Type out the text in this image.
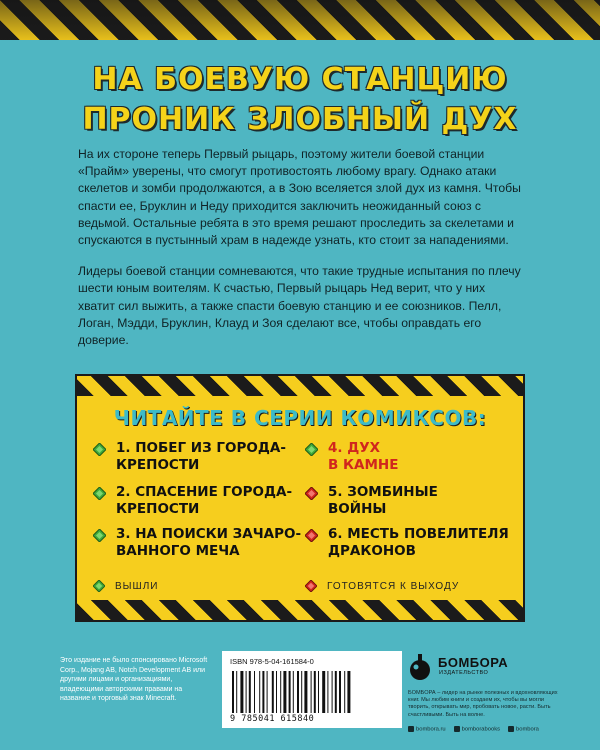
НА БОЕВУЮ СТАНЦИЮ
ПРОНИК ЗЛОБНЫЙ ДУХ

На их стороне теперь Первый рыцарь, поэтому жители боевой станции «Прайм» уверены, что смогут противостоять любому врагу. Однако атаки скелетов и зомби продолжаются, а в Зою вселяется злой дух из камня. Чтобы спасти ее, Бруклин и Неду приходится заключить неожиданный союз с ведьмой. Остальные ребята в это время решают проследить за скелетами и спускаются в пустынный храм в надежде узнать, кто стоит за нападениями.

Лидеры боевой станции сомневаются, что такие трудные испытания по плечу шести юным воителям. К счастью, Первый рыцарь Нед верит, что у них хватит сил выжить, а также спасти боевую станцию и ее союзников. Пелл, Логан, Мэдди, Бруклин, Клауд и Зоя сделают все, чтобы оправдать его доверие.

ЧИТАЙТЕ В СЕРИИ КОМИКСОВ:
1. ПОБЕГ ИЗ ГОРОДА-
КРЕПОСТИ
2. СПАСЕНИЕ ГОРОДА-
КРЕПОСТИ
3. НА ПОИСКИ ЗАЧАРО-
ВАННОГО МЕЧА
4. ДУХ
В КАМНЕ
5. ЗОМБИНЫЕ
ВОЙНЫ
6. МЕСТЬ ПОВЕЛИТЕЛЯ
ДРАКОНОВ
ВЫШЛИ	ГОТОВЯТСЯ К ВЫХОДУ
Это издание не было спонсировано Microsoft Corp., Mojang AB, Notch Development AB или другими лицами и организациями, владеющими авторскими правами на название и торговый знак Minecraft.
ISBN 978-5-04-161584-0
9 785041 615840
БОМБОРА
ИЗДАТЕЛЬСТВО
БОМБОРА – лидер на рынке полезных и вдохновляющих книг. Мы любим книги и создаем их, чтобы вы могли творить, открывать мир, пробовать новое, расти. Быть счастливыми. Быть на волне.
bombora.ru	bomborabooks	bombora
